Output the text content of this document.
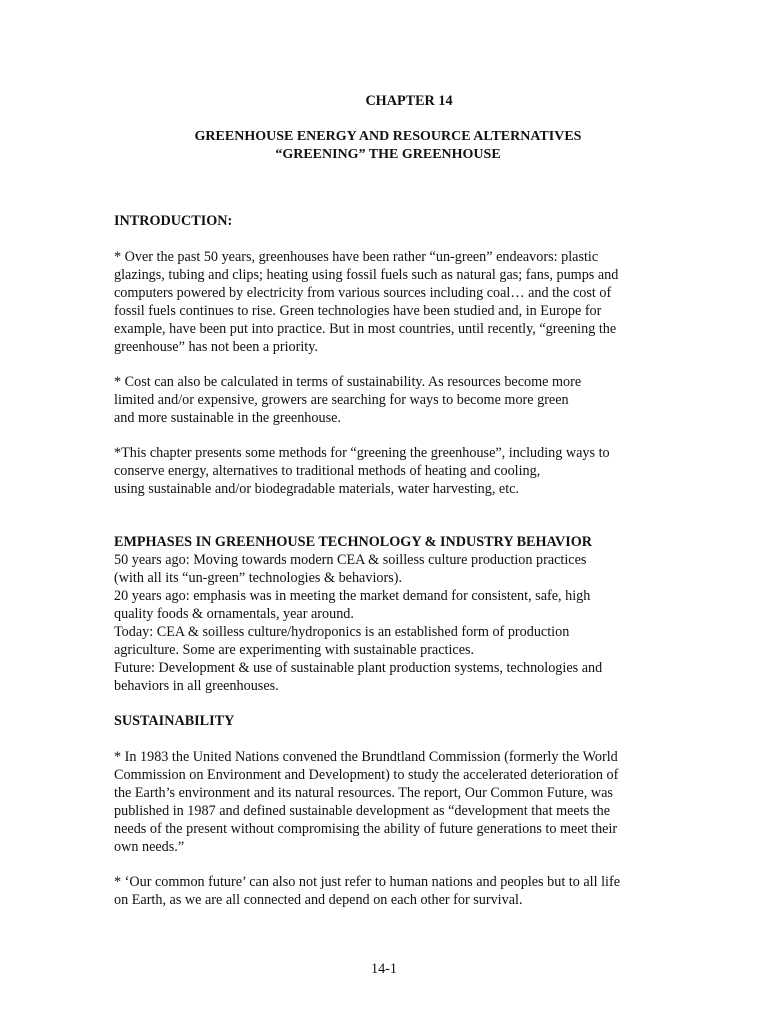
CHAPTER 14

GREENHOUSE ENERGY AND RESOURCE ALTERNATIVES
“GREENING” THE GREENHOUSE

INTRODUCTION:

* Over the past 50 years, greenhouses have been rather “un-green” endeavors: plastic
glazings, tubing and clips; heating using fossil fuels such as natural gas; fans, pumps and
computers powered by electricity from various sources including coal… and the cost of
fossil fuels continues to rise. Green technologies have been studied and, in Europe for
example, have been put into practice. But in most countries, until recently, “greening the
greenhouse” has not been a priority.

* Cost can also be calculated in terms of sustainability. As resources become more
limited and/or expensive, growers are searching for ways to become more green
and more sustainable in the greenhouse.

*This chapter presents some methods for “greening the greenhouse”, including ways to
conserve energy, alternatives to traditional methods of heating and cooling,
using sustainable and/or biodegradable materials, water harvesting, etc.

EMPHASES IN GREENHOUSE TECHNOLOGY & INDUSTRY BEHAVIOR

50 years ago: Moving towards modern CEA & soilless culture production practices
(with all its “un-green” technologies & behaviors).

20 years ago: emphasis was in meeting the market demand for consistent, safe, high
quality foods & ornamentals, year around.

Today: CEA & soilless culture/hydroponics is an established form of production
agriculture. Some are experimenting with sustainable practices.

Future: Development & use of sustainable plant production systems, technologies and
behaviors in all greenhouses.

SUSTAINABILITY

* In 1983 the United Nations convened the Brundtland Commission (formerly the World
Commission on Environment and Development) to study the accelerated deterioration of
the Earth’s environment and its natural resources. The report, Our Common Future, was
published in 1987 and defined sustainable development as “development that meets the
needs of the present without compromising the ability of future generations to meet their
own needs.”

* ‘Our common future’ can also not just refer to human nations and peoples but to all life
on Earth, as we are all connected and depend on each other for survival.

14-1
